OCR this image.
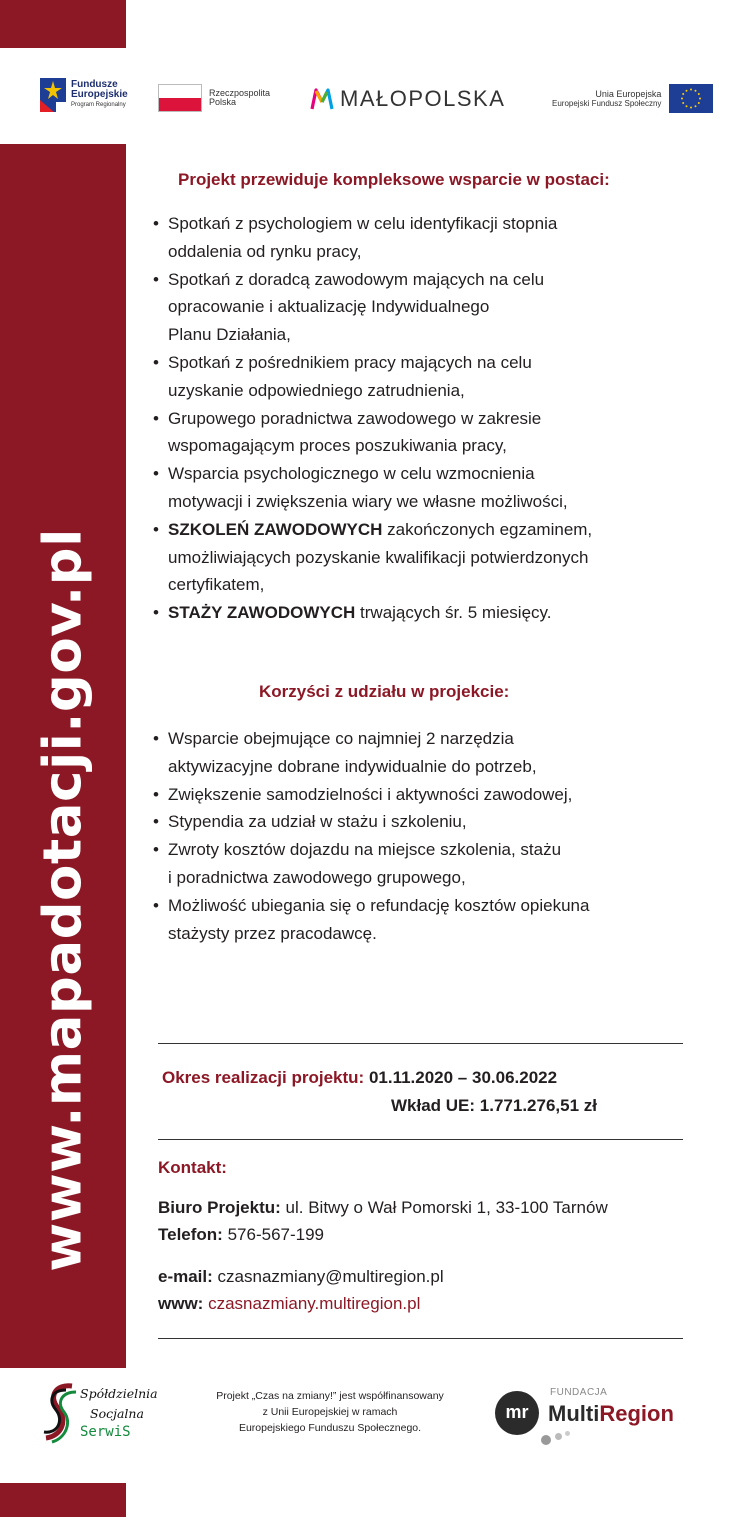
www.mapadotacji.gov.pl
Fundusze
Europejskie
Program Regionalny
Rzeczpospolita
Polska	MAŁOPOLSKA	Unia Europejska
Europejski Fundusz Społeczny
Projekt przewiduje kompleksowe wsparcie w postaci:
• Spotkań z psychologiem w celu identyfikacji stopnia
oddalenia od rynku pracy,
• Spotkań z doradcą zawodowym mających na celu
opracowanie i aktualizację Indywidualnego
Planu Działania,
• Spotkań z pośrednikiem pracy mających na celu
uzyskanie odpowiedniego zatrudnienia,
• Grupowego poradnictwa zawodowego w zakresie
wspomagającym proces poszukiwania pracy,
• Wsparcia psychologicznego w celu wzmocnienia
motywacji i zwiększenia wiary we własne możliwości,
• SZKOLEŃ ZAWODOWYCH zakończonych egzaminem,
umożliwiających pozyskanie kwalifikacji potwierdzonych
certyfikatem,
• STAŻY ZAWODOWYCH trwających śr. 5 miesięcy.
Korzyści z udziału w projekcie:
• Wsparcie obejmujące co najmniej 2 narzędzia
aktywizacyjne dobrane indywidualnie do potrzeb,
• Zwiększenie samodzielności i aktywności zawodowej,
• Stypendia za udział w stażu i szkoleniu,
• Zwroty kosztów dojazdu na miejsce szkolenia, stażu
i poradnictwa zawodowego grupowego,
• Możliwość ubiegania się o refundację kosztów opiekuna
stażysty przez pracodawcę.
Okres realizacji projektu: 01.11.2020 – 30.06.2022
Wkład UE: 1.771.276,51 zł
Kontakt:
Biuro Projektu: ul. Bitwy o Wał Pomorski 1, 33-100 Tarnów
Telefon: 576-567-199
e-mail: czasnazmiany@multiregion.pl
www: czasnazmiany.multiregion.pl
Spółdzielnia
Socjalna
SerwiS
Projekt „Czas na zmiany!” jest współfinansowany
z Unii Europejskiej w ramach
Europejskiego Funduszu Społecznego.
mr
FUNDACJA
MultiRegion
